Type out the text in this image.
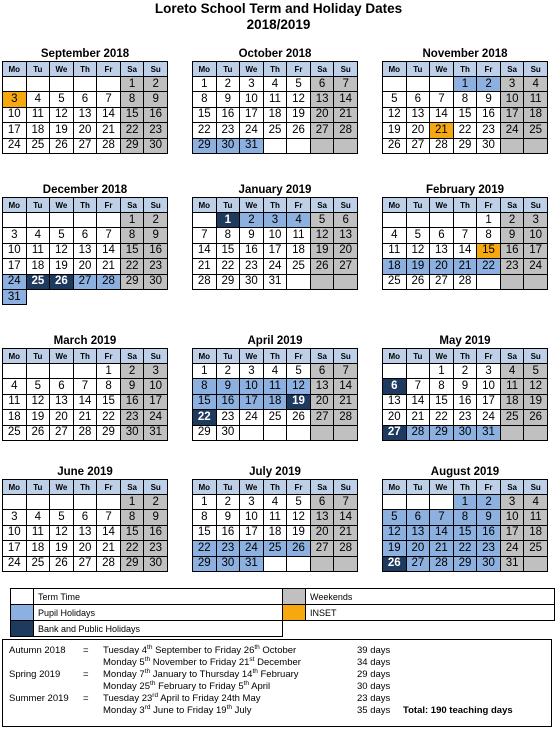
Loreto School Term and Holiday Dates
2018/2019
September 2018
Mo	Tu	We	Th	Fr	Sa	Su
					1	2
3	4	5	6	7	8	9
10	11	12	13	14	15	16
17	18	19	20	21	22	23
24	25	26	27	28	29	30
October 2018
Mo	Tu	We	Th	Fr	Sa	Su
1	2	3	4	5	6	7
8	9	10	11	12	13	14
15	16	17	18	19	20	21
22	23	24	25	26	27	28
29	30	31				
November 2018
Mo	Tu	We	Th	Fr	Sa	Su
			1	2	3	4
5	6	7	8	9	10	11
12	13	14	15	16	17	18
19	20	21	22	23	24	25
26	27	28	29	30		
December 2018
Mo	Tu	We	Th	Fr	Sa	Su
					1	2
3	4	5	6	7	8	9
10	11	12	13	14	15	16
17	18	19	20	21	22	23
24	25	26	27	28	29	30
31						
January 2019
Mo	Tu	We	Th	Fr	Sa	Su
	1	2	3	4	5	6
7	8	9	10	11	12	13
14	15	16	17	18	19	20
21	22	23	24	25	26	27
28	29	30	31			
February 2019
Mo	Tu	We	Th	Fr	Sa	Su
				1	2	3
4	5	6	7	8	9	10
11	12	13	14	15	16	17
18	19	20	21	22	23	24
25	26	27	28			
March 2019
Mo	Tu	We	Th	Fr	Sa	Su
				1	2	3
4	5	6	7	8	9	10
11	12	13	14	15	16	17
18	19	20	21	22	23	24
25	26	27	28	29	30	31
April 2019
Mo	Tu	We	Th	Fr	Sa	Su
1	2	3	4	5	6	7
8	9	10	11	12	13	14
15	16	17	18	19	20	21
22	23	24	25	26	27	28
29	30					
May 2019
Mo	Tu	We	Th	Fr	Sa	Su
		1	2	3	4	5
6	7	8	9	10	11	12
13	14	15	16	17	18	19
20	21	22	23	24	25	26
27	28	29	30	31		
June 2019
Mo	Tu	We	Th	Fr	Sa	Su
					1	2
3	4	5	6	7	8	9
10	11	12	13	14	15	16
17	18	19	20	21	22	23
24	25	26	27	28	29	30
July 2019
Mo	Tu	We	Th	Fr	Sa	Su
1	2	3	4	5	6	7
8	9	10	11	12	13	14
15	16	17	18	19	20	21
22	23	24	25	26	27	28
29	30	31				
August 2019
Mo	Tu	We	Th	Fr	Sa	Su
			1	2	3	4
5	6	7	8	9	10	11
12	13	14	15	16	17	18
19	20	21	22	23	24	25
26	27	28	29	30	31	
	Term Time		Weekends
	Pupil Holidays		INSET
	Bank and Public Holidays		
Autumn 2018 = Tuesday 4th September to Friday 26th October	39 days
Monday 5th November to Friday 21st December	34 days
Spring 2019 = Monday 7th January to Thursday 14th February	29 days
Monday 25th February to Friday 5th April	30 days
Summer 2019 = Tuesday 23rd April to Friday 24th May	23 days
Monday 3rd June to Friday 19th July	35 days Total: 190 teaching days
